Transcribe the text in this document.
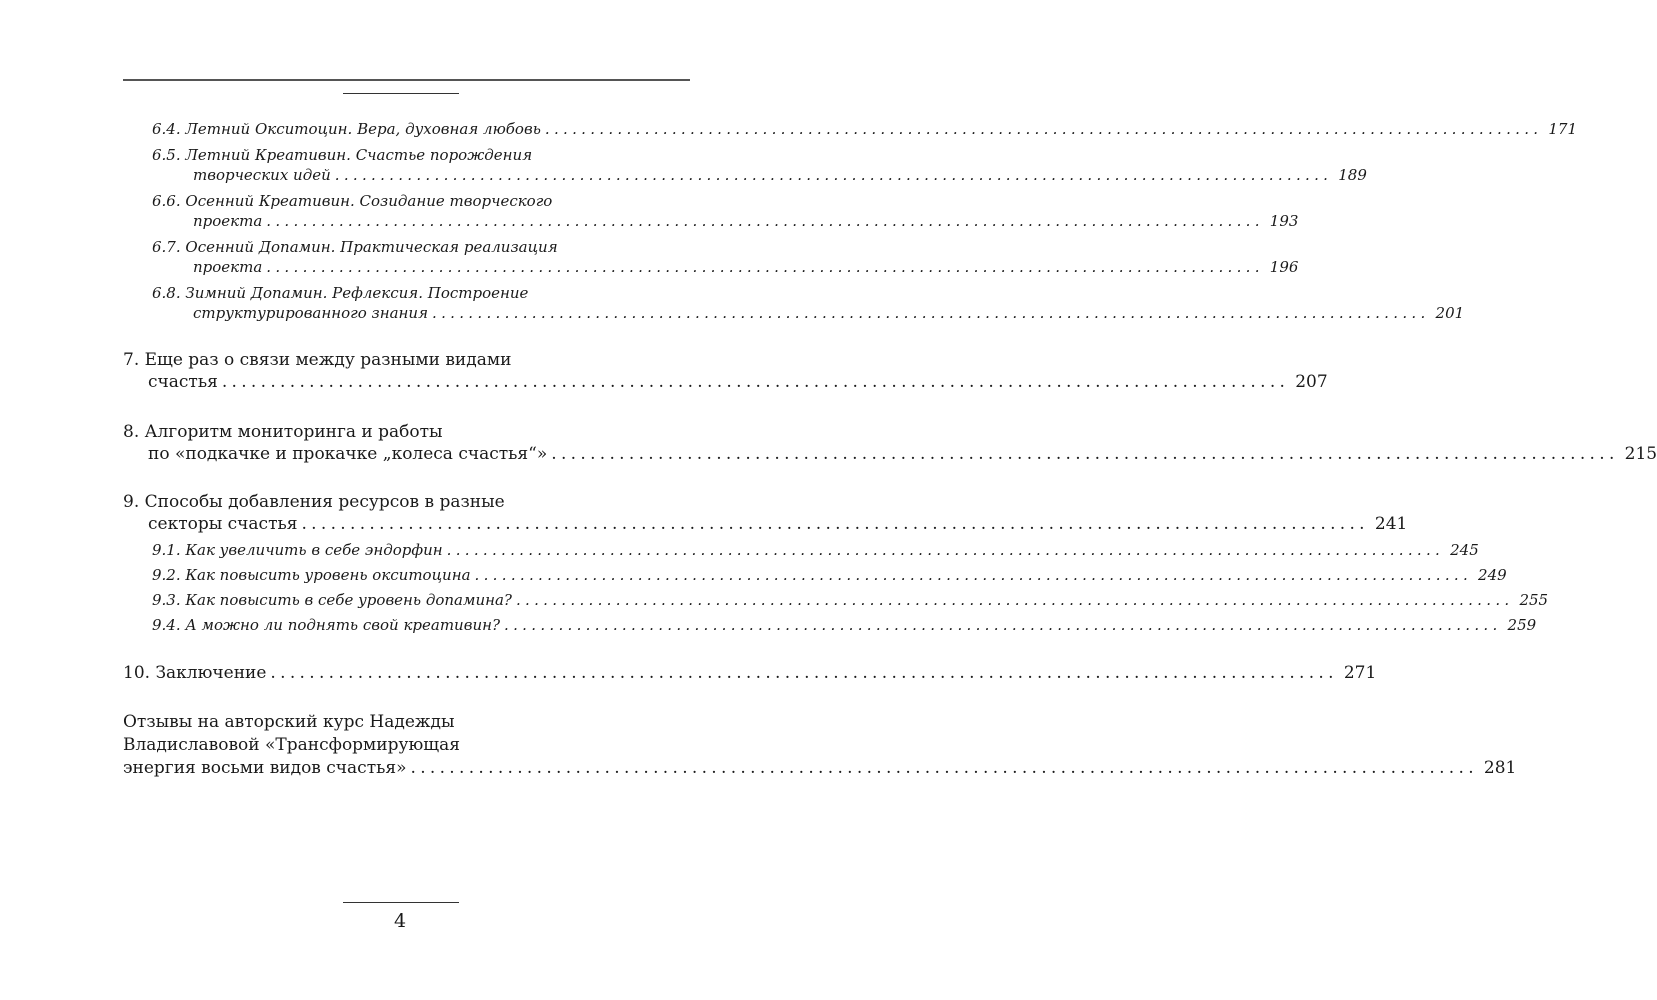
6.4. Летний Окситоцин. Вера, духовная любовь .............................................................................................................. 171
6.5. Летний Креативин. Счастье порождения
творческих идей .............................................................................................................. 189
6.6. Осенний Креативин. Созидание творческого
проекта .............................................................................................................. 193
6.7. Осенний Допамин. Практическая реализация
проекта .............................................................................................................. 196
6.8. Зимний Допамин. Рефлексия. Построение
структурированного знания .............................................................................................................. 201
7. Еще раз о связи между разными видами
счастья .............................................................................................................. 207
8. Алгоритм мониторинга и работы
по «подкачке и прокачке „колеса счастья“» .............................................................................................................. 215
9. Способы добавления ресурсов в разные
секторы счастья .............................................................................................................. 241
9.1. Как увеличить в себе эндорфин .............................................................................................................. 245
9.2. Как повысить уровень окситоцина .............................................................................................................. 249
9.3. Как повысить в себе уровень допамина? .............................................................................................................. 255
9.4. А можно ли поднять свой креативин? .............................................................................................................. 259
10. Заключение .............................................................................................................. 271
Отзывы на авторский курс Надежды
Владиславовой «Трансформирующая
энергия восьми видов счастья» .............................................................................................................. 281
4
